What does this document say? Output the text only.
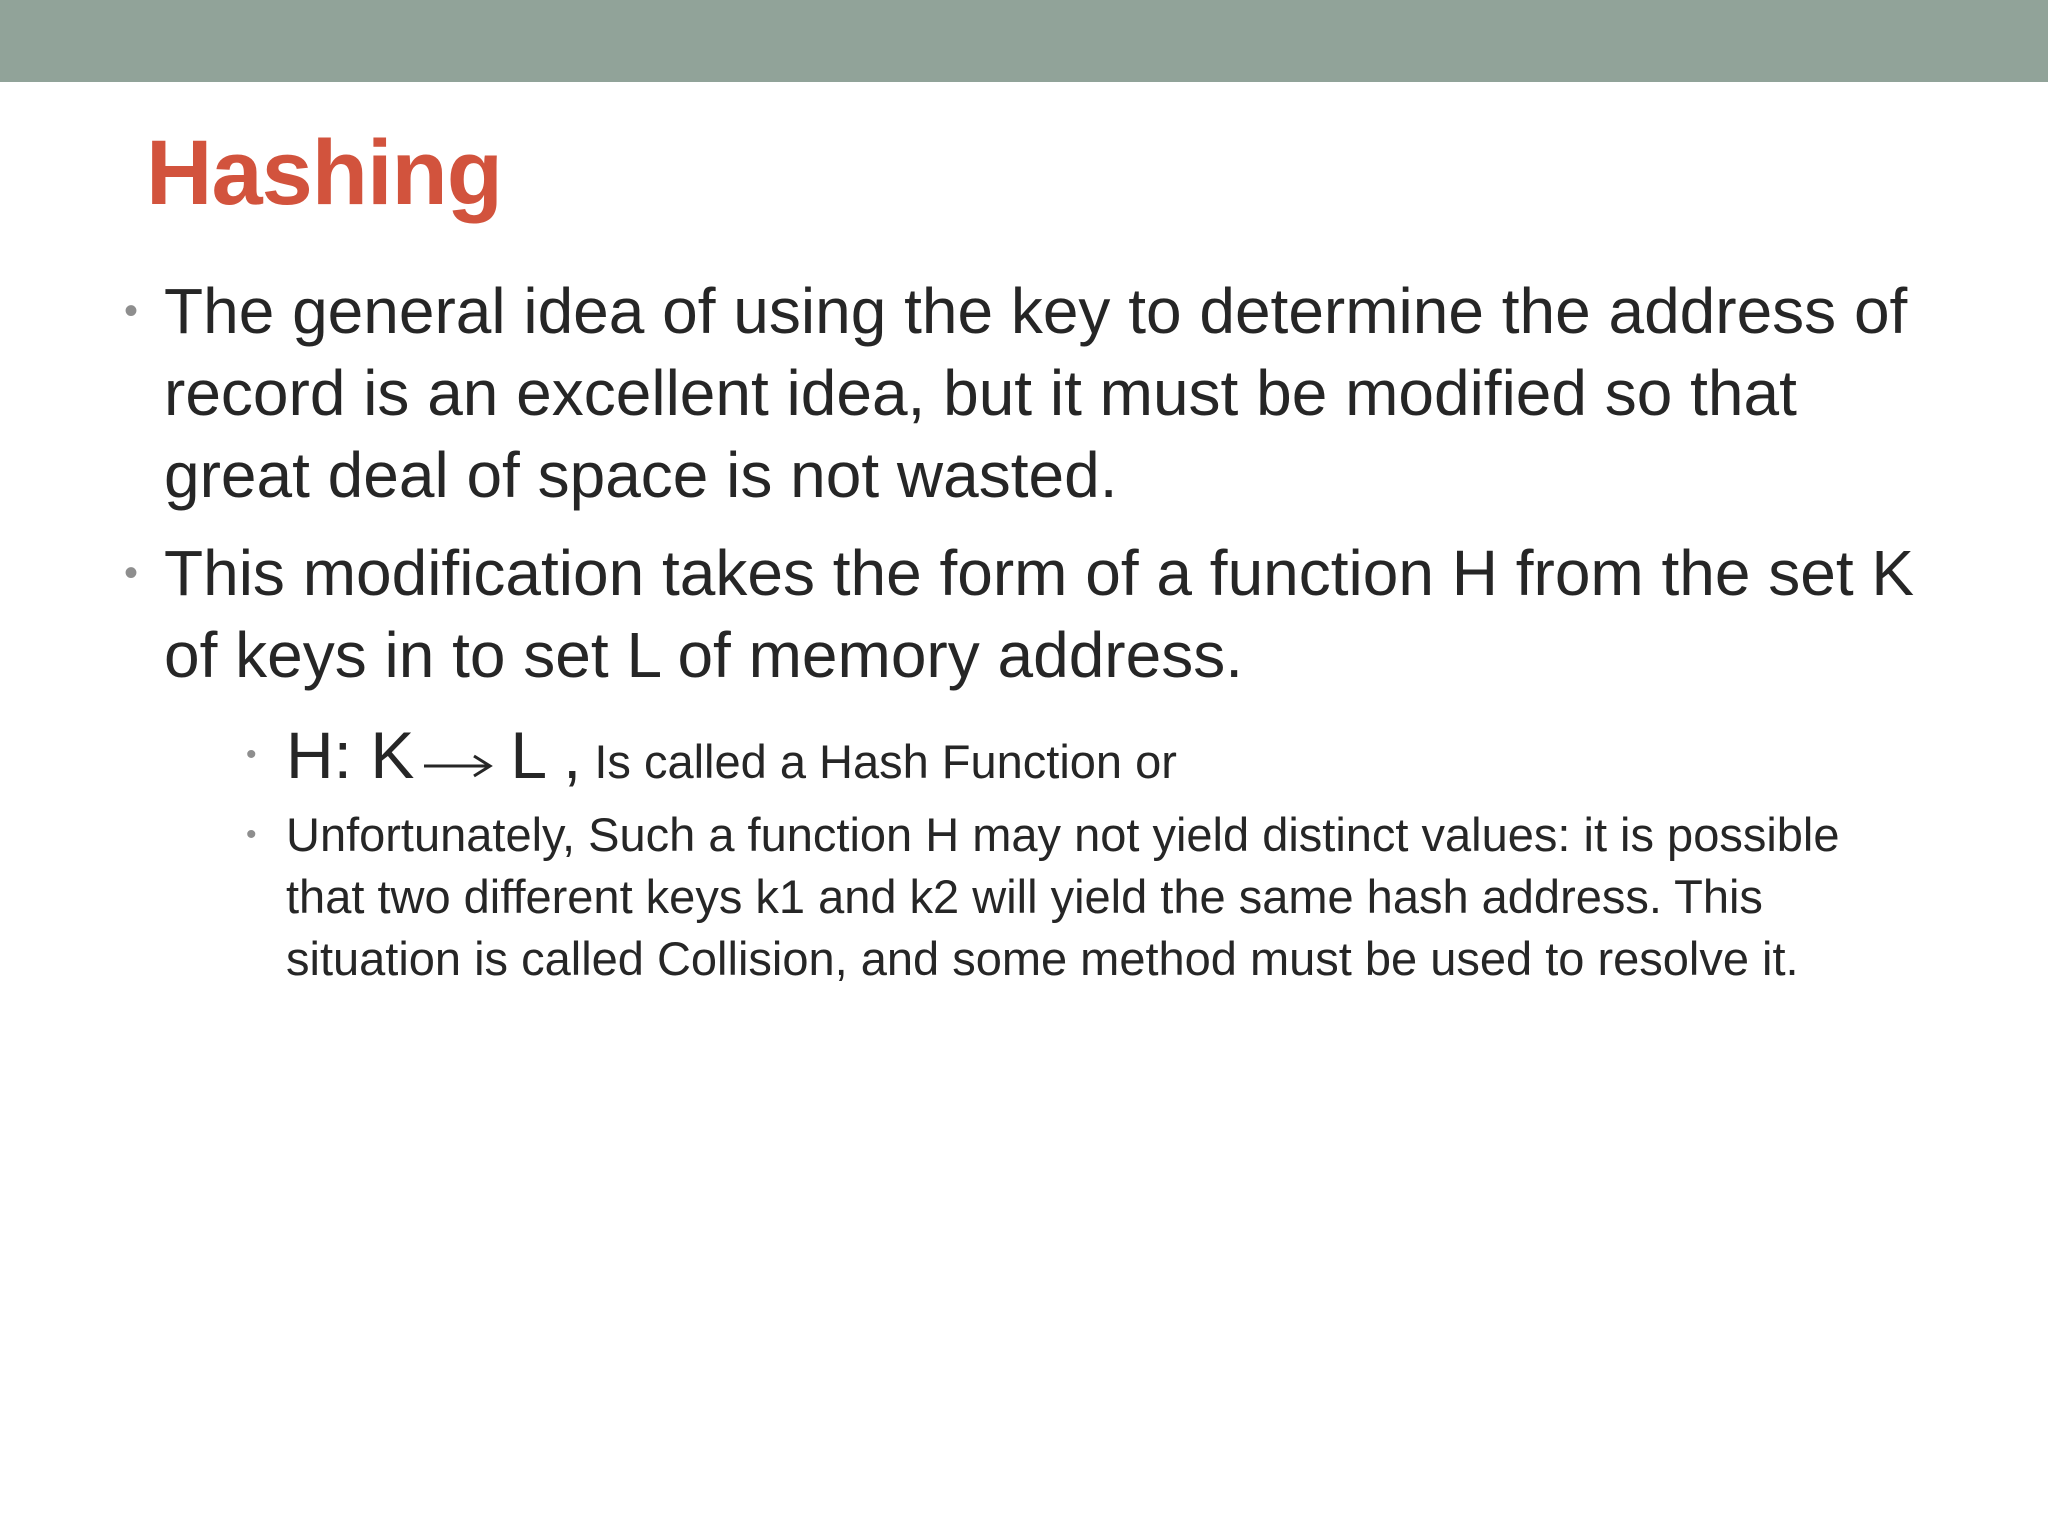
Hashing
• The general idea of using the key to determine the address of record is an excellent idea, but it must be modified so that great deal of space is not wasted.
• This modification takes the form of a function H from the set K of keys in to set L of memory address.
• H: K L , Is called a Hash Function or
• Unfortunately, Such a function H may not yield distinct values: it is possible that two different keys k1 and k2 will yield the same hash address. This situation is called Collision, and some method must be used to resolve it.
